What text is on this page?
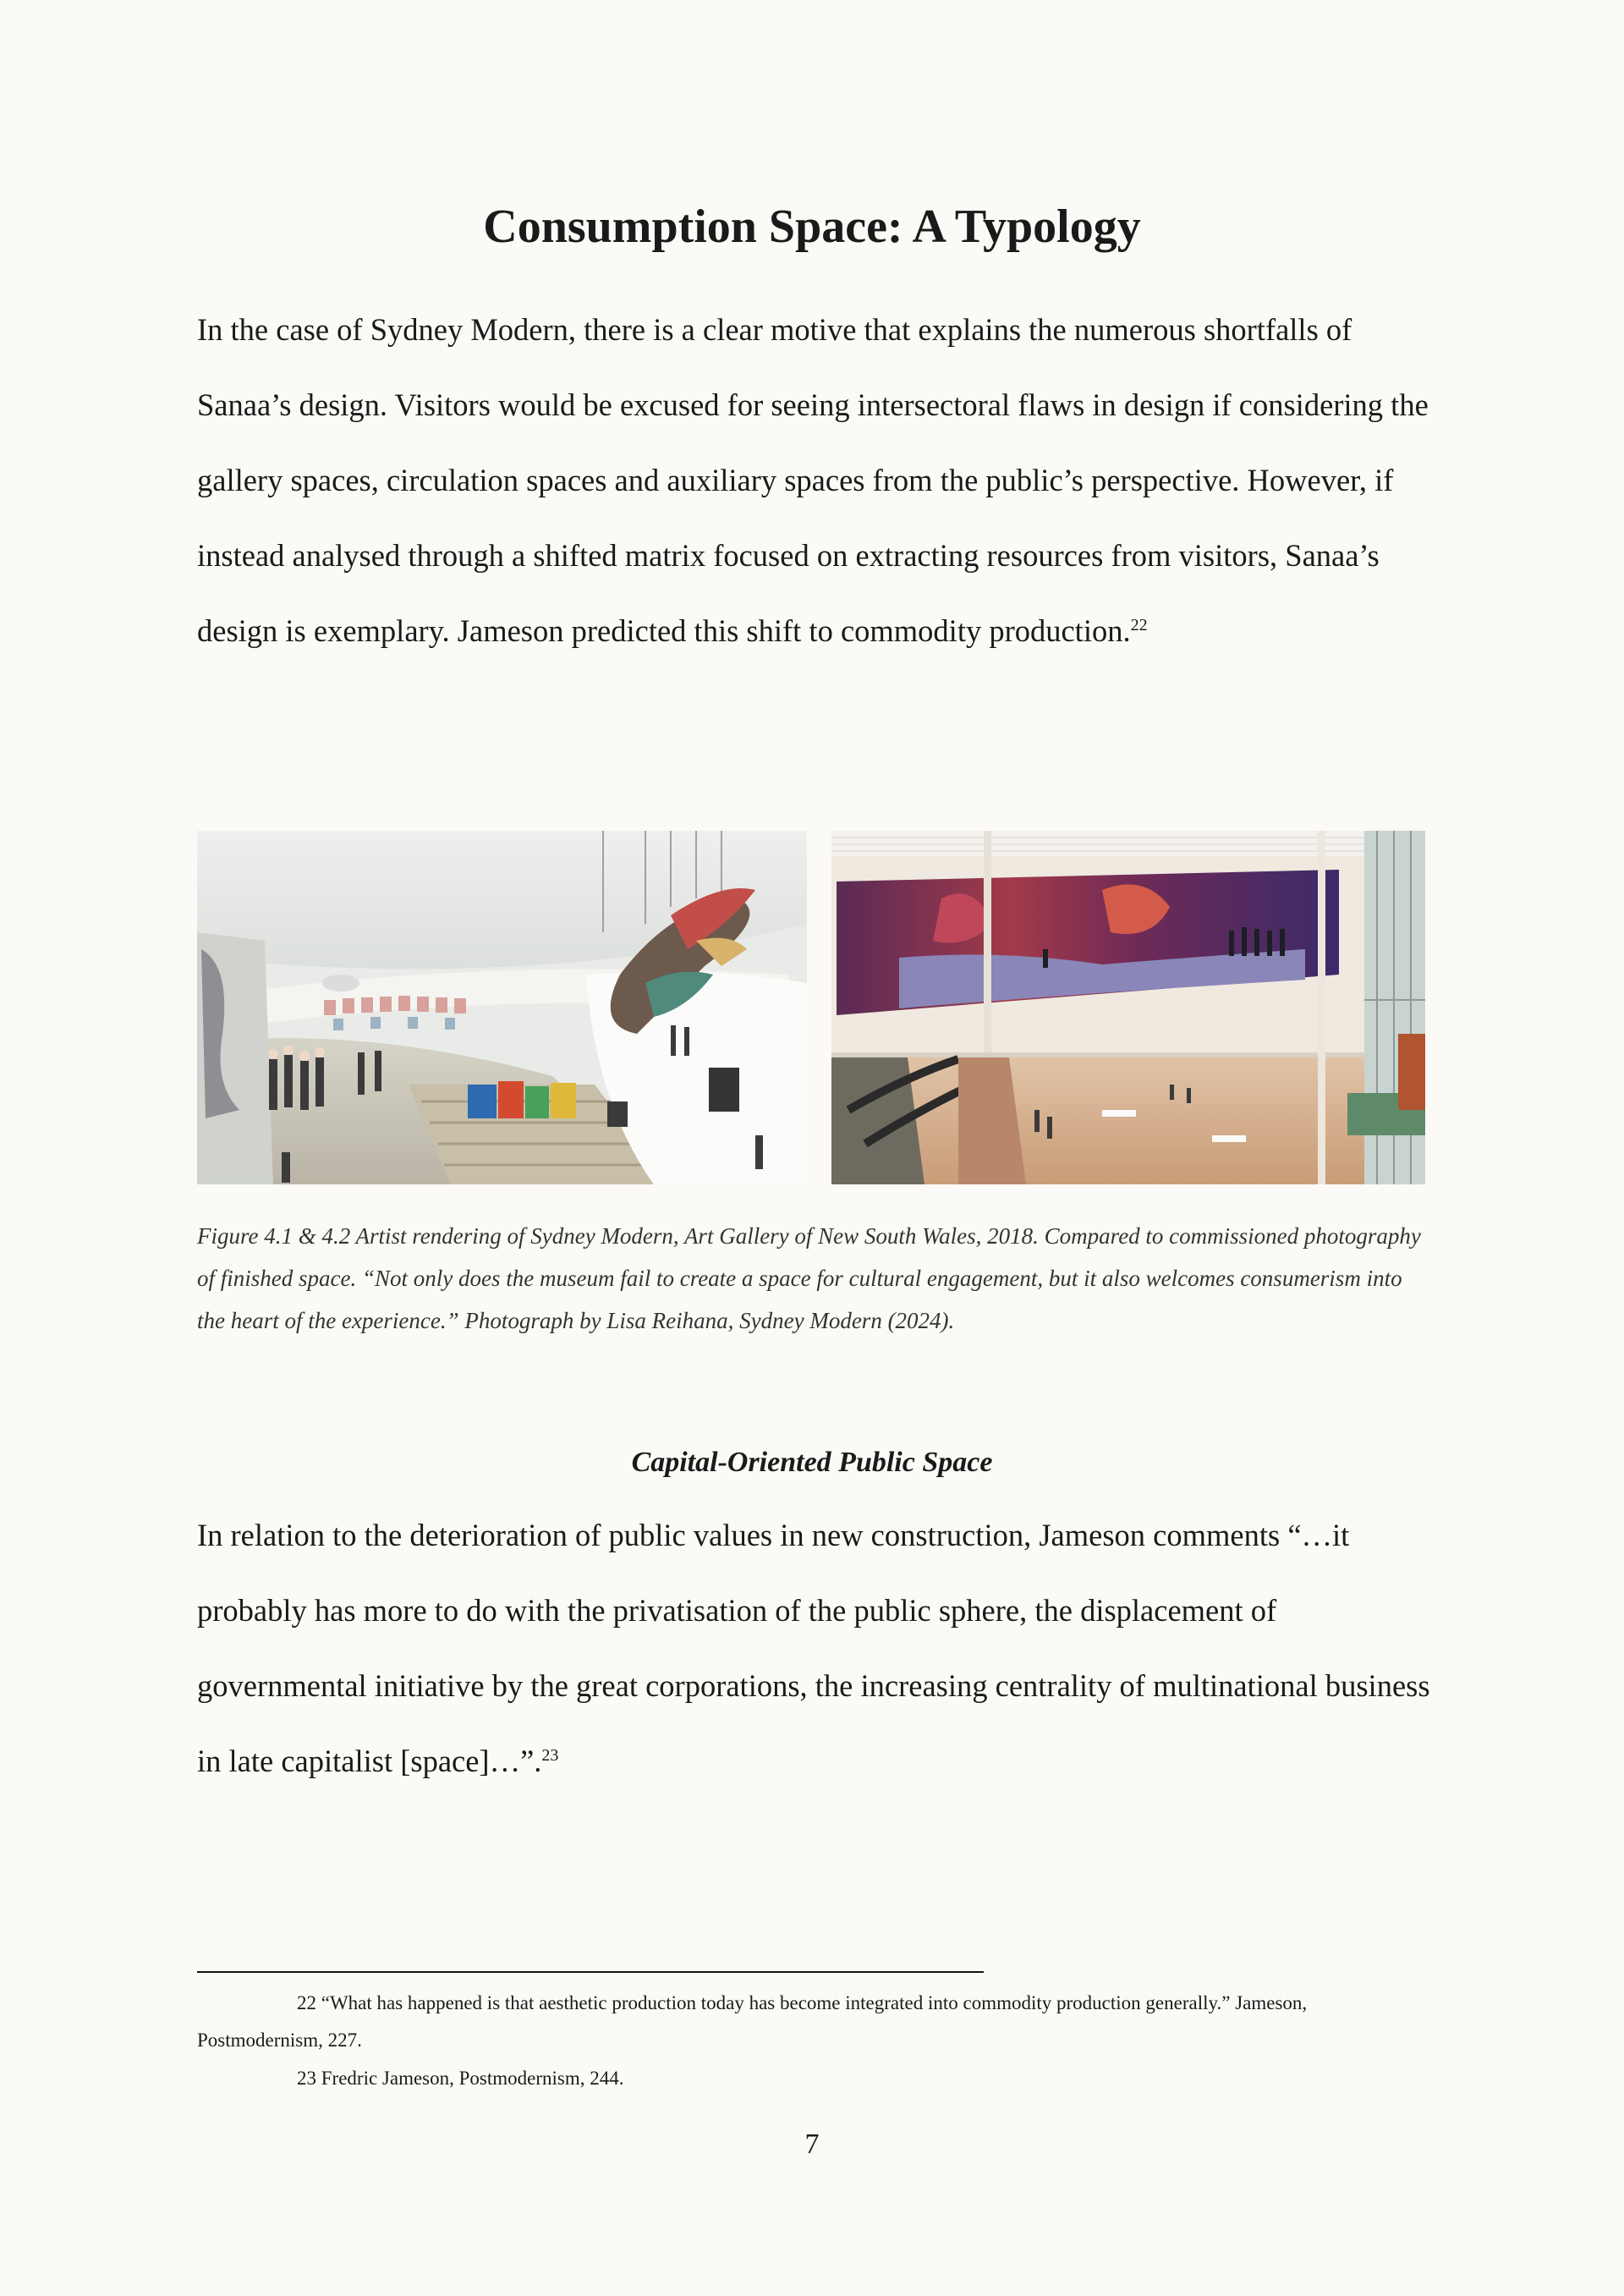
Consumption Space: A Typology

In the case of Sydney Modern, there is a clear motive that explains the numerous shortfalls of Sanaa’s design. Visitors would be excused for seeing intersectoral flaws in design if considering the gallery spaces, circulation spaces and auxiliary spaces from the public’s perspective. However, if instead analysed through a shifted matrix focused on extracting resources from visitors, Sanaa’s design is exemplary. Jameson predicted this shift to commodity production.$^{22}$

Figure 4.1 & 4.2 Artist rendering of Sydney Modern, Art Gallery of New South Wales, 2018. Compared to commissioned photography of finished space. “Not only does the museum fail to create a space for cultural engagement, but it also welcomes consumerism into the heart of the experience.” Photograph by Lisa Reihana, Sydney Modern (2024).

Capital-Oriented Public Space

In relation to the deterioration of public values in new construction, Jameson comments “…it probably has more to do with the privatisation of the public sphere, the displacement of governmental initiative by the great corporations, the increasing centrality of multinational business in late capitalist [space]…”.$^{23}$

22 “What has happened is that aesthetic production today has become integrated into commodity production generally.” Jameson, Postmodernism, 227.

23 Fredric Jameson, Postmodernism, 244.

7
